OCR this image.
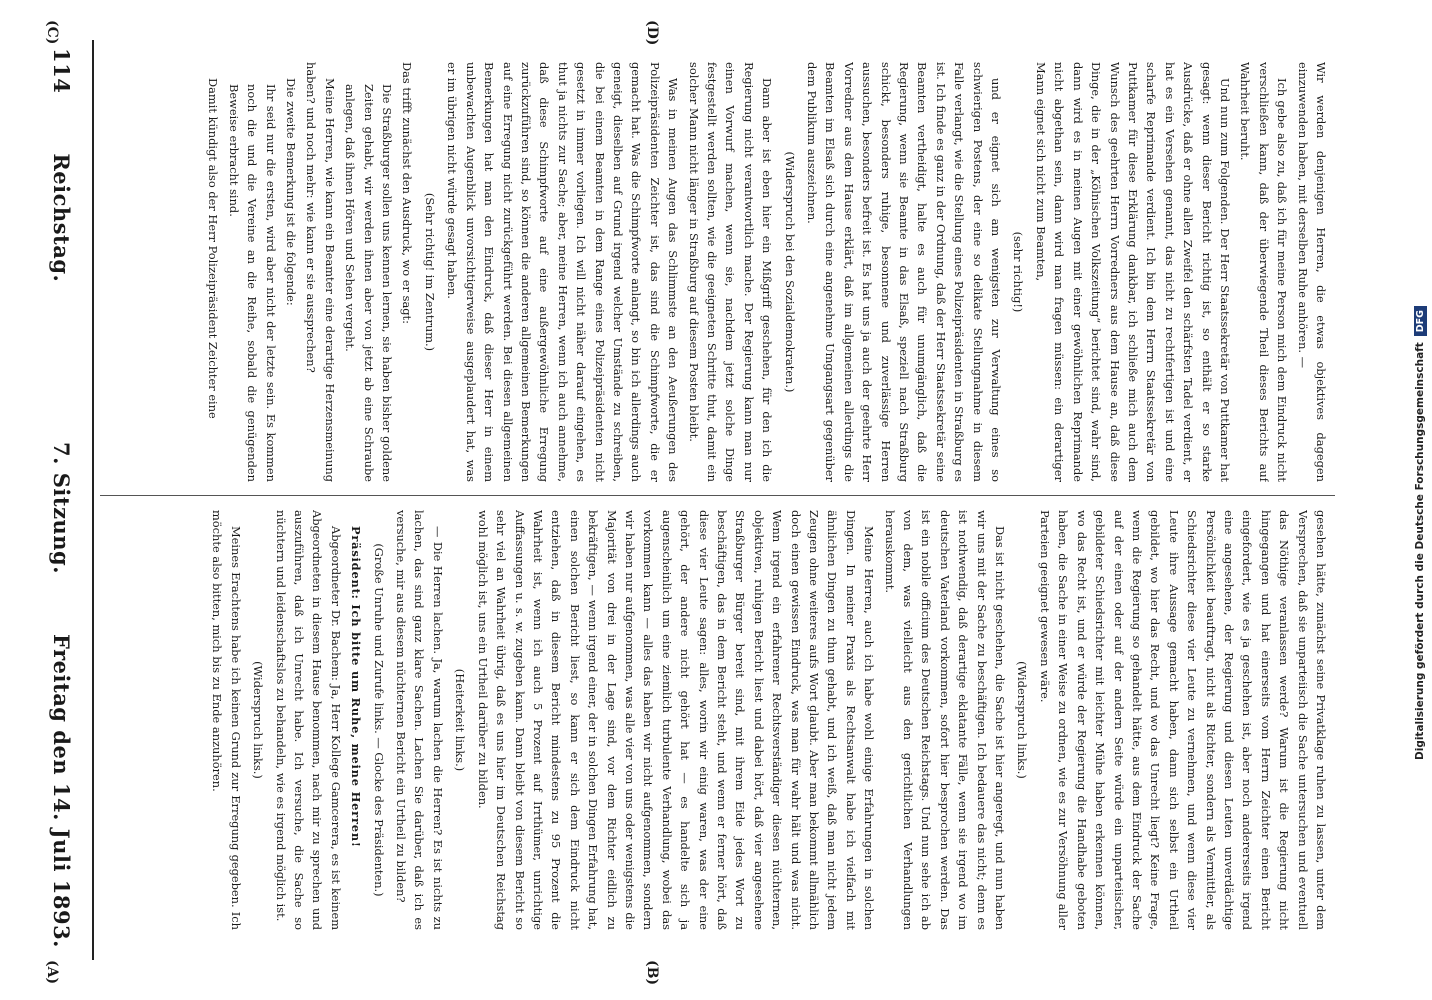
(A)	(B)
(C)	(D)
114
Reichstag.
7. Sitzung.
Freitag den 14. Juli 1893.	gesehen hätte, zunächst seine Privatklage ruhen zu lassen, unter dem Versprechen, daß sie unparteiisch die Sache untersuchen und eventuell das Nöthige veranlassen werde? Warum ist die Regierung nicht hingegangen und hat einerseits vom Herrn Zeichter einen Bericht eingefordert, wie es ja geschehen ist, aber noch andererseits irgend eine angesehene, der Regierung und diesen Leuten unverdächtige Persönlichkeit beauftragt, nicht als Richter, sondern als Vermittler, als Schiedsrichter diese vier Leute zu vernehmen, und wenn diese vier Leute ihre Aussage gemacht haben, dann sich selbst ein Urtheil gebildet, wo hier das Recht, und wo das Unrecht liegt? Keine Frage, wenn die Regierung so gehandelt hätte, aus dem Eindruck der Sache auf der einen oder auf der andern Seite würde ein unparteiischer, gebildeter Schiedsrichter mit leichter Mühe haben erkennen können, wo das Recht ist, und er würde der Regierung die Handhabe geboten haben, die Sache in einer Weise zu ordnen, wie es zur Versöhnung aller Parteien geeignet gewesen wäre.

(Widerspruch links.)

Das ist nicht geschehen, die Sache ist hier angeregt, und nun haben wir uns mit der Sache zu beschäftigen. Ich bedauere das nicht; denn es ist nothwendig, daß derartige eklatante Fälle, wenn sie irgend wo im deutschen Vaterland vorkommen, sofort hier besprochen werden. Das ist ein nobile officium des Deutschen Reichstags. Und nun sehe ich ab von dem, was vielleicht aus den gerichtlichen Verhandlungen herauskommt.

Meine Herren, auch ich habe wohl einige Erfahrungen in solchen Dingen. In meiner Praxis als Rechtsanwalt habe ich vielfach mit ähnlichen Dingen zu thun gehabt, und ich weiß, daß man nicht jedem Zeugen ohne weiteres aufs Wort glaubt. Aber man bekommt allmählich doch einen gewissen Eindruck, was man für wahr hält und was nicht. Wenn irgend ein erfahrener Rechtsverständiger diesen nüchternen, objektiven, ruhigen Bericht liest und dabei hört, daß vier angesehene Straßburger Bürger bereit sind, mit ihrem Eide jedes Wort zu beschäftigen, das in dem Bericht steht, und wenn er ferner hört, daß diese vier Leute sagen: alles, worin wir einig waren, was der eine gehört, der andere nicht gehört hat — es handelte sich ja augenscheinlich um eine ziemlich turbulente Verhandlung, wobei das vorkommen kann — alles das haben wir nicht aufgenommen, sondern wir haben nur aufgenommen, was alle vier von uns oder wenigstens die Majorität von drei in der Lage sind, vor dem Richter eidlich zu bekräftigen, — wenn irgend einer, der in solchen Dingen Erfahrung hat, einen solchen Bericht liest, so kann er sich dem Eindruck nicht entziehen, daß in diesem Bericht mindestens zu 95 Prozent die Wahrheit ist, wenn ich auch 5 Prozent auf Irrthümer, unrichtige Auffassungen u. s. w. zugeben kann. Dann bleibt von diesem Bericht so sehr viel an Wahrheit übrig, daß es uns hier im Deutschen Reichstag wohl möglich ist, uns ein Urtheil darüber zu bilden.

(Heiterkeit links.)

— Die Herren lachen. Ja, warum lachen die Herren? Es ist nichts zu lachen, das sind ganz klare Sachen. Lachen Sie darüber, daß ich es versuche, mir aus diesem nüchternen Bericht ein Urtheil zu bilden?

(Große Unruhe und Zurufe links. — Glocke des Präsidenten.)

Präsident: Ich bitte um Ruhe, meine Herren!

Abgeordneter Dr. Bachem: Ja, Herr Kollege Gamcerera, es ist keinem Abgeordneten in diesem Hause benommen, nach mir zu sprechen und auszuführen, daß ich Unrecht habe. Ich versuche, die Sache so nüchtern und leidenschaftslos zu behandeln, wie es irgend möglich ist.

(Widerspruch links.)

Meines Erachtens habe ich keinen Grund zur Erregung gegeben. Ich möchte also bitten, mich bis zu Ende anzuhören.

Wir werden denjenigen Herren, die etwas objektives dagegen einzuwenden haben, mit derselben Ruhe anhören. —

Ich gebe also zu, daß ich für meine Person mich dem Eindruck nicht verschließen kann, daß der überwiegende Theil dieses Berichts auf Wahrheit beruht.

Und nun zum Folgenden. Der Herr Staatssekretär von Puttkamer hat gesagt: wenn dieser Bericht richtig ist, so enthält er so starke Ausdrücke, daß er ohne allen Zweifel den schärfsten Tadel verdient, er hat es ein Versehen genannt, das nicht zu rechtfertigen ist und eine scharfe Reprimande verdient. Ich bin dem Herrn Staatssekretär von Puttkamer für diese Erklärung dankbar, ich schließe mich auch dem Wunsch des geehrten Herrn Vorredners aus dem Hause an, daß diese Dinge, die in der „Kölnischen Volkszeitung“ berichtet sind, wahr sind, dann wird es in meinen Augen mit einer gewöhnlichen Reprimande nicht abgethan sein, dann wird man fragen müssen: ein derartiger Mann eignet sich nicht zum Beamten,

(sehr richtig!)

und er eignet sich am wenigsten zur Verwaltung eines so schwierigen Postens, der eine so delikate Stellungnahme in diesem Falle verlangt, wie die Stellung eines Polizeipräsidenten in Straßburg es ist. Ich finde es ganz in der Ordnung, daß der Herr Staatssekretär seine Beamten vertheidigt, halte es auch für unumgänglich, daß die Regierung, wenn sie Beamte in das Elsaß, speziell nach Straßburg schickt, besonders ruhige, besonnene und zuverlässige Herren aussuchen, besonders befreit ist. Es hat uns ja auch der geehrte Herr Vorredner aus dem Hause erklärt, daß im allgemeinen allerdings die Beamten im Elsaß sich durch eine angenehme Umgangsart gegenüber dem Publikum auszeichnen.

(Widerspruch bei den Sozialdemokraten.)

Dann aber ist eben hier ein Mißgriff geschehen, für den ich die Regierung nicht verantwortlich mache. Der Regierung kann man nur einen Vorwurf machen, wenn sie, nachdem jetzt solche Dinge festgestellt werden sollten, wie die geeigneten Schritte thut, damit ein solcher Mann nicht länger in Straßburg auf diesem Posten bleibt.

Was in meinen Augen das Schlimmste an den Aeußerungen des Polizeipräsidenten Zeichter ist, das sind die Schimpfworte, die er gemacht hat. Was die Schimpfworte anlangt, so bin ich allerdings auch geneigt, dieselben auf Grund irgend welcher Umstände zu schreiben, die bei einem Beamten in dem Range eines Polizeipräsidenten nicht gesetzt in immer vorliegen. Ich will nicht näher darauf eingehen, es thut ja nichts zur Sache; aber, meine Herren, wenn ich auch annehme, daß diese Schimpfworte auf eine außergewöhnliche Erregung zurückzuführen sind, so können die anderen allgemeinen Bemerkungen auf eine Erregung nicht zurückgeführt werden. Bei diesen allgemeinen Bemerkungen hat man den Eindruck, daß dieser Herr in einem unbewachten Augenblick unvorsichtigerweise ausgeplaudert hat, was er im übrigen nicht würde gesagt haben.

(Sehr richtig! im Zentrum.)

Das trifft zunächst den Ausdruck, wo er sagt:

Die Straßburger sollen uns kennen lernen, sie haben bisher goldene Zeiten gehabt, wir werden ihnen aber von jetzt ab eine Schraube anlegen, daß ihnen Hören und Sehen vergeht.

Meine Herren, wie kann ein Beamter eine derartige Herzensmeinung haben? und noch mehr: wie kann er sie aussprechen?

Die zweite Bemerkung ist die folgende:

Ihr seid nur die ersten, wird aber nicht der letzte sein. Es kommen noch die und die Vereine an die Reihe, sobald die genügenden Beweise erbracht sind.

Damit kündigt also der Herr Polizeipräsident Zeichter eine

Digitalisierung gefördert durch die Deutsche Forschungsgemeinschaft
DFG
